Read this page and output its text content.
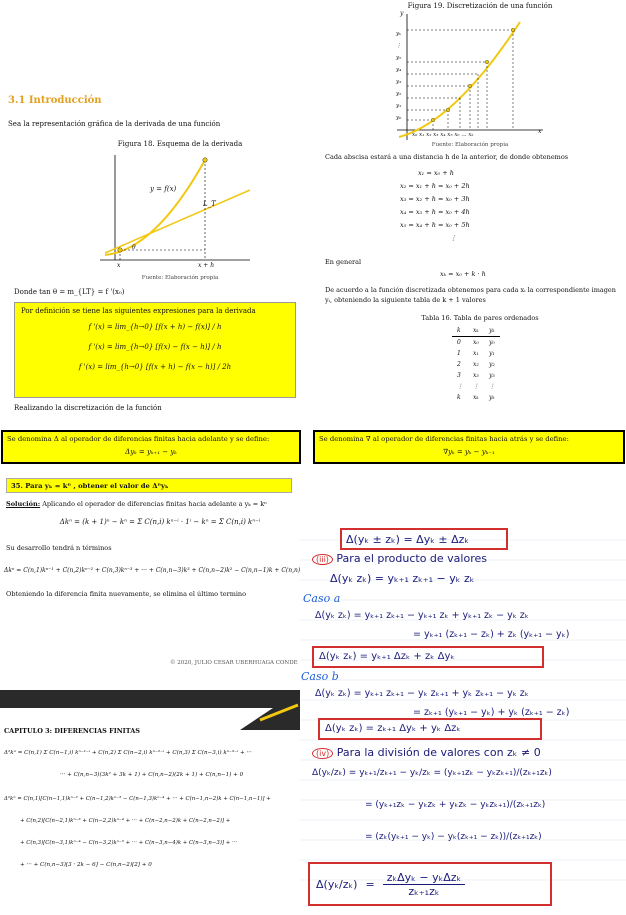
3.1 Introducción
Sea la representación gráfica de la derivada de una función
Figura 18. Esquema de la derivada
y = f(x)
L_T
θ
x	x + h
Fuente: Elaboración propia
Donde tan θ = m_{LT} = f '(x₀)
Por definición se tiene las siguientes expresiones para la derivada
f '(x) = lim_{h→0} [f(x + h) − f(x)] / h
f '(x) = lim_{h→0} [f(x) − f(x − h)] / h
f '(x) = lim_{h→0} [f(x + h) − f(x − h)] / 2h
Realizando la discretización de la función
Figura 19. Discretización de una función
y
yₖ
⋮
y₅
y₄
y₃
y₂
y₁
y₀
x
x₀ x₁ x₂ x₃ x₄ x₅ x₆ ... xₖ
Fuente: Elaboración propia
Cada abscisa estará a una distancia h de la anterior, de donde obtenemos
x₁ = x₀ + h
x₂ = x₁ + h = x₀ + 2h
x₃ = x₂ + h = x₀ + 3h
x₄ = x₃ + h = x₀ + 4h
x₅ = x₄ + h = x₀ + 5h
⋮
En general
xₖ = x₀ + k · h
De acuerdo a la función discretizada obtenemos para cada xᵢ la correspondiente imagen yᵢ, obteniendo la siguiente tabla de k + 1 valores
Tabla 16. Tabla de pares ordenados
k	xₖ	yₖ
0	x₀	y₀
1	x₁	y₁
2	x₂	y₂
3	x₃	y₃
⋮	⋮	⋮
k	xₖ	yₖ
Se denomina Δ al operador de diferencias finitas hacia adelante y se define:
Δyₖ = yₖ₊₁ − yₖ
Se denomina ∇ al operador de diferencias finitas hacia atrás y se define:
∇yₖ = yₖ − yₖ₋₁
35. Para yₖ = kⁿ , obtener el valor de Δⁿyₖ
Solución: Aplicando el operador de diferencias finitas hacia adelante a yₖ = kⁿ
Δkⁿ = (k + 1)ⁿ − kⁿ = Σ C(n,i) kⁿ⁻ⁱ · 1ⁱ − kⁿ = Σ C(n,i) kⁿ⁻ⁱ
Su desarrollo tendrá n términos
Δkⁿ = C(n,1)kⁿ⁻¹ + C(n,2)kⁿ⁻² + C(n,3)kⁿ⁻³ + ··· + C(n,n−3)k³ + C(n,n−2)k² − C(n,n−1)k + C(n,n)
Obteniendo la diferencia finita nuevamente, se elimina el último termino
© 2020, JULIO CESAR UBERHUAGA CONDE
CAPITULO 3: DIFERENCIAS FINITAS
Δ²kⁿ = C(n,1) Σ C(n−1,i) kⁿ⁻¹⁻ⁱ + C(n,2) Σ C(n−2,i) kⁿ⁻²⁻ⁱ + C(n,3) Σ C(n−3,i) kⁿ⁻³⁻ⁱ + ···
··· + C(n,n−3)(3k² + 3k + 1) + C(n,n−2)(2k + 1) + C(n,n−1) + 0
Δ²kⁿ = C(n,1)[C(n−1,1)kⁿ⁻² + C(n−1,2)kⁿ⁻³ − C(n−1,3)kⁿ⁻⁴ + ··· + C(n−1,n−2)k + C(n−1,n−1)] +
+ C(n,2)[C(n−2,1)kⁿ⁻³ + C(n−2,2)kⁿ⁻⁴ + ··· + C(n−2,n−2)k + C(n−2,n−2)] +
+ C(n,3)[C(n−3,1)kⁿ⁻⁴ − C(n−3,2)kⁿ⁻⁵ + ··· + C(n−3,n−4)k + C(n−3,n−3)] + ···
+ ··· + C(n,n−3)[3 · 2k − 6] − C(n,n−2)[2] + 0
Δ(yₖ ± zₖ) = Δyₖ ± Δzₖ
(iii) Para el producto de valores
Δ(yₖ zₖ) = yₖ₊₁ zₖ₊₁ − yₖ zₖ
Caso a
Δ(yₖ zₖ) = yₖ₊₁ zₖ₊₁ − yₖ₊₁ zₖ + yₖ₊₁ zₖ − yₖ zₖ
= yₖ₊₁ (zₖ₊₁ − zₖ) + zₖ (yₖ₊₁ − yₖ)
Δ(yₖ zₖ) = yₖ₊₁ Δzₖ + zₖ Δyₖ
Caso b
Δ(yₖ zₖ) = yₖ₊₁ zₖ₊₁ − yₖ zₖ₊₁ + yₖ zₖ₊₁ − yₖ zₖ
= zₖ₊₁ (yₖ₊₁ − yₖ) + yₖ (zₖ₊₁ − zₖ)
Δ(yₖ zₖ) = zₖ₊₁ Δyₖ + yₖ Δzₖ
(iv) Para la división de valores con zₖ ≠ 0
Δ(yₖ/zₖ) = yₖ₊₁/zₖ₊₁ − yₖ/zₖ = (yₖ₊₁zₖ − yₖzₖ₊₁)/(zₖ₊₁zₖ)
= (yₖ₊₁zₖ − yₖzₖ + yₖzₖ − yₖzₖ₊₁)/(zₖ₊₁zₖ)
= (zₖ(yₖ₊₁ − yₖ) − yₖ(zₖ₊₁ − zₖ))/(zₖ₊₁zₖ)
Δ(yₖ/zₖ) =
zₖΔyₖ − yₖΔzₖ
zₖ₊₁zₖ
